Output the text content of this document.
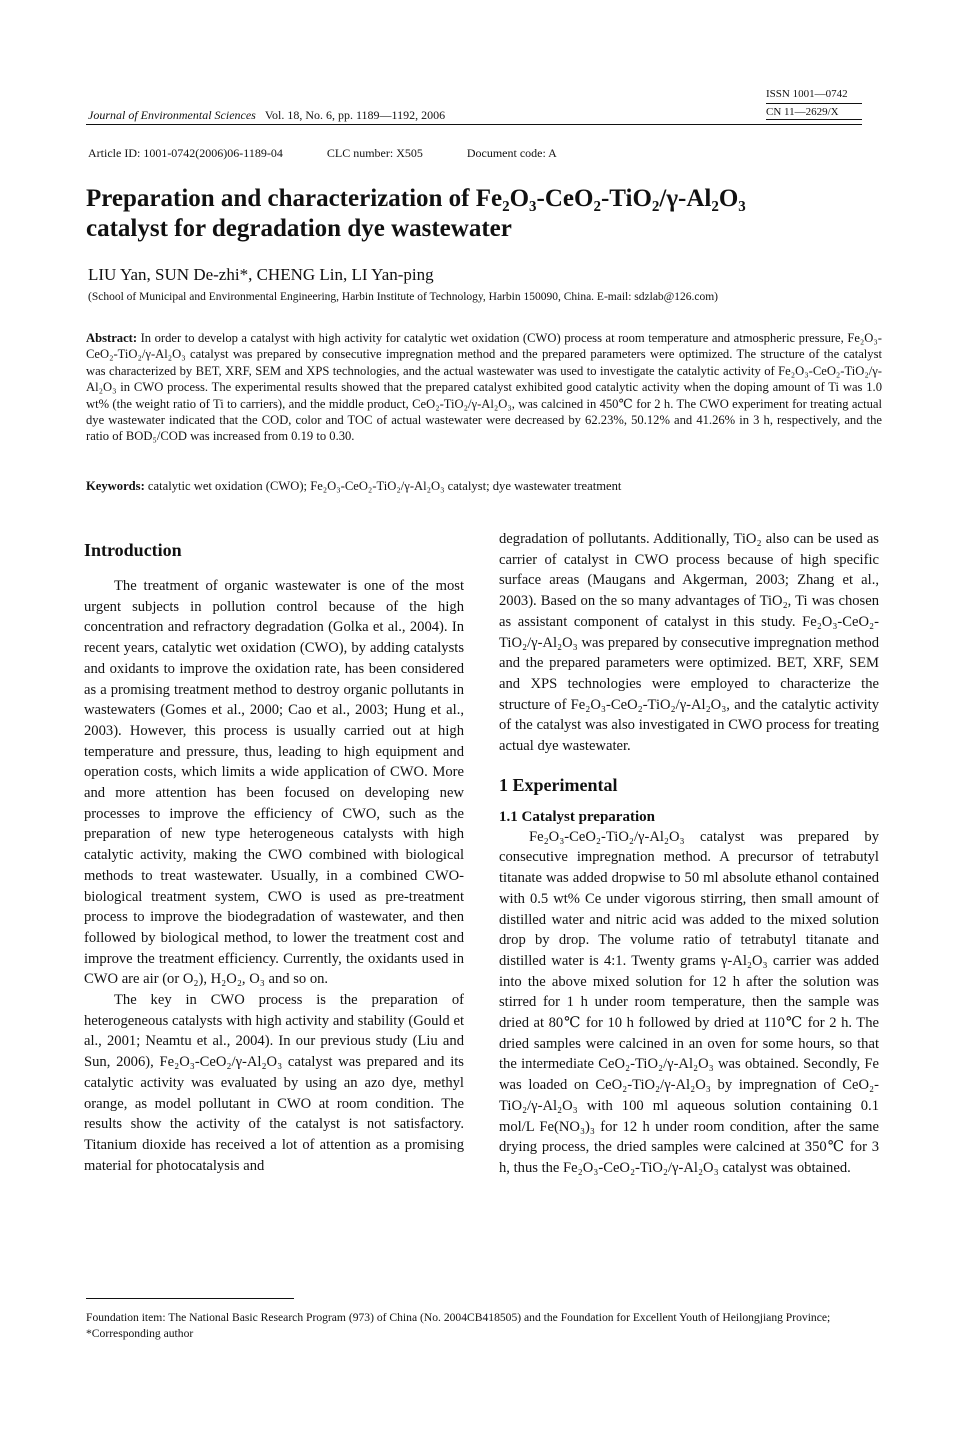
Journal of Environmental Sciences Vol. 18, No. 6, pp. 1189—1192, 2006
ISSN 1001—0742
CN 11—2629/X
Article ID: 1001-0742(2006)06-1189-04	CLC number: X505	Document code: A
Preparation and characterization of Fe₂O₃-CeO₂-TiO₂/γ-Al₂O₃
catalyst for degradation dye wastewater
LIU Yan, SUN De-zhi*, CHENG Lin, LI Yan-ping
(School of Municipal and Environmental Engineering, Harbin Institute of Technology, Harbin 150090, China. E-mail: sdzlab@126.com)
Abstract: In order to develop a catalyst with high activity for catalytic wet oxidation (CWO) process at room temperature and atmospheric pressure, Fe₂O₃-CeO₂-TiO₂/γ-Al₂O₃ catalyst was prepared by consecutive impregnation method and the prepared parameters were optimized. The structure of the catalyst was characterized by BET, XRF, SEM and XPS technologies, and the actual wastewater was used to investigate the catalytic activity of Fe₂O₃-CeO₂-TiO₂/γ-Al₂O₃ in CWO process. The experimental results showed that the prepared catalyst exhibited good catalytic activity when the doping amount of Ti was 1.0 wt% (the weight ratio of Ti to carriers), and the middle product, CeO₂-TiO₂/γ-Al₂O₃, was calcined in 450℃ for 2 h. The CWO experiment for treating actual dye wastewater indicated that the COD, color and TOC of actual wastewater were decreased by 62.23%, 50.12% and 41.26% in 3 h, respectively, and the ratio of BOD₅/COD was increased from 0.19 to 0.30.
Keywords: catalytic wet oxidation (CWO); Fe₂O₃-CeO₂-TiO₂/γ-Al₂O₃ catalyst; dye wastewater treatment
Introduction

The treatment of organic wastewater is one of the most urgent subjects in pollution control because of the high concentration and refractory degradation (Golka et al., 2004). In recent years, catalytic wet oxidation (CWO), by adding catalysts and oxidants to improve the oxidation rate, has been considered as a promising treatment method to destroy organic pollutants in wastewaters (Gomes et al., 2000; Cao et al., 2003; Hung et al., 2003). However, this process is usually carried out at high temperature and pressure, thus, leading to high equipment and operation costs, which limits a wide application of CWO. More and more attention has been focused on developing new processes to improve the efficiency of CWO, such as the preparation of new type heterogeneous catalysts with high catalytic activity, making the CWO combined with biological methods to treat wastewater. Usually, in a combined CWO-biological treatment system, CWO is used as pre-treatment process to improve the biodegradation of wastewater, and then followed by biological method, to lower the treatment cost and improve the treatment efficiency. Currently, the oxidants used in CWO are air (or O₂), H₂O₂, O₃ and so on.

The key in CWO process is the preparation of heterogeneous catalysts with high activity and stability (Gould et al., 2001; Neamtu et al., 2004). In our previous study (Liu and Sun, 2006), Fe₂O₃-CeO₂/γ-Al₂O₃ catalyst was prepared and its catalytic activity was evaluated by using an azo dye, methyl orange, as model pollutant in CWO at room condition. The results show the activity of the catalyst is not satisfactory. Titanium dioxide has received a lot of attention as a promising material for photocatalysis and

degradation of pollutants. Additionally, TiO₂ also can be used as carrier of catalyst in CWO process because of high specific surface areas (Maugans and Akgerman, 2003; Zhang et al., 2003). Based on the so many advantages of TiO₂, Ti was chosen as assistant component of catalyst in this study. Fe₂O₃-CeO₂-TiO₂/γ-Al₂O₃ was prepared by consecutive impregnation method and the prepared parameters were optimized. BET, XRF, SEM and XPS technologies were employed to characterize the structure of Fe₂O₃-CeO₂-TiO₂/γ-Al₂O₃, and the catalytic activity of the catalyst was also investigated in CWO process for treating actual dye wastewater.

1 Experimental
1.1 Catalyst preparation

Fe₂O₃-CeO₂-TiO₂/γ-Al₂O₃ catalyst was prepared by consecutive impregnation method. A precursor of tetrabutyl titanate was added dropwise to 50 ml absolute ethanol contained with 0.5 wt% Ce under vigorous stirring, then small amount of distilled water and nitric acid was added to the mixed solution drop by drop. The volume ratio of tetrabutyl titanate and distilled water is 4:1. Twenty grams γ-Al₂O₃ carrier was added into the above mixed solution for 12 h after the solution was stirred for 1 h under room temperature, then the sample was dried at 80℃ for 10 h followed by dried at 110℃ for 2 h. The dried samples were calcined in an oven for some hours, so that the intermediate CeO₂-TiO₂/γ-Al₂O₃ was obtained. Secondly, Fe was loaded on CeO₂-TiO₂/γ-Al₂O₃ by impregnation of CeO₂-TiO₂/γ-Al₂O₃ with 100 ml aqueous solution containing 0.1 mol/L Fe(NO₃)₃ for 12 h under room condition, after the same drying process, the dried samples were calcined at 350℃ for 3 h, thus the Fe₂O₃-CeO₂-TiO₂/γ-Al₂O₃ catalyst was obtained.

Foundation item: The National Basic Research Program (973) of China (No. 2004CB418505) and the Foundation for Excellent Youth of Heilongjiang Province; *Corresponding author
